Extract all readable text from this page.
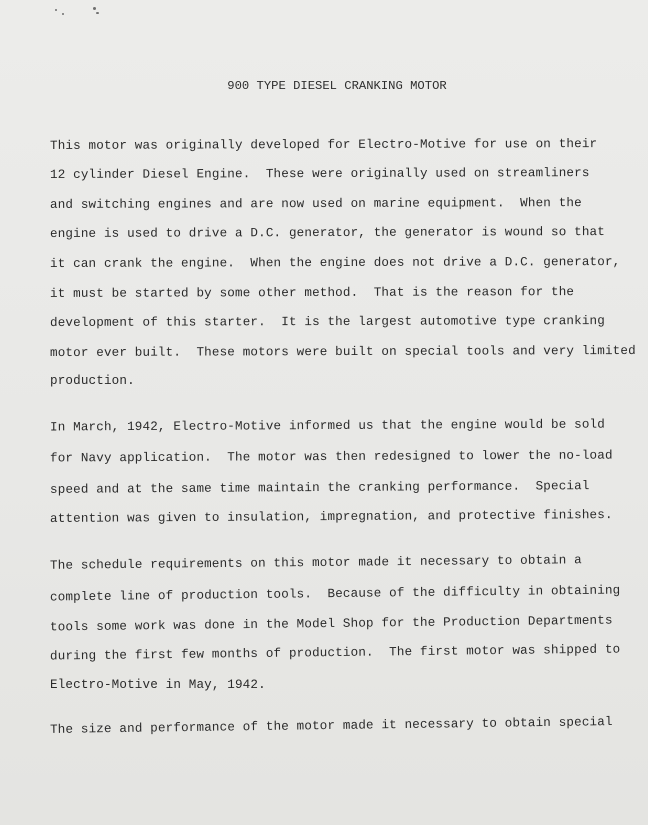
900 TYPE DIESEL CRANKING MOTOR
This motor was originally developed for Electro-Motive for use on their
12 cylinder Diesel Engine.  These were originally used on streamliners
and switching engines and are now used on marine equipment.  When the
engine is used to drive a D.C. generator, the generator is wound so that
it can crank the engine.  When the engine does not drive a D.C. generator,
it must be started by some other method.  That is the reason for the
development of this starter.  It is the largest automotive type cranking
motor ever built.  These motors were built on special tools and very limited
production.
In March, 1942, Electro-Motive informed us that the engine would be sold
for Navy application.  The motor was then redesigned to lower the no-load
speed and at the same time maintain the cranking performance.  Special
attention was given to insulation, impregnation, and protective finishes.
The schedule requirements on this motor made it necessary to obtain a
complete line of production tools.  Because of the difficulty in obtaining
tools some work was done in the Model Shop for the Production Departments
during the first few months of production.  The first motor was shipped to
Electro-Motive in May, 1942.
The size and performance of the motor made it necessary to obtain special
